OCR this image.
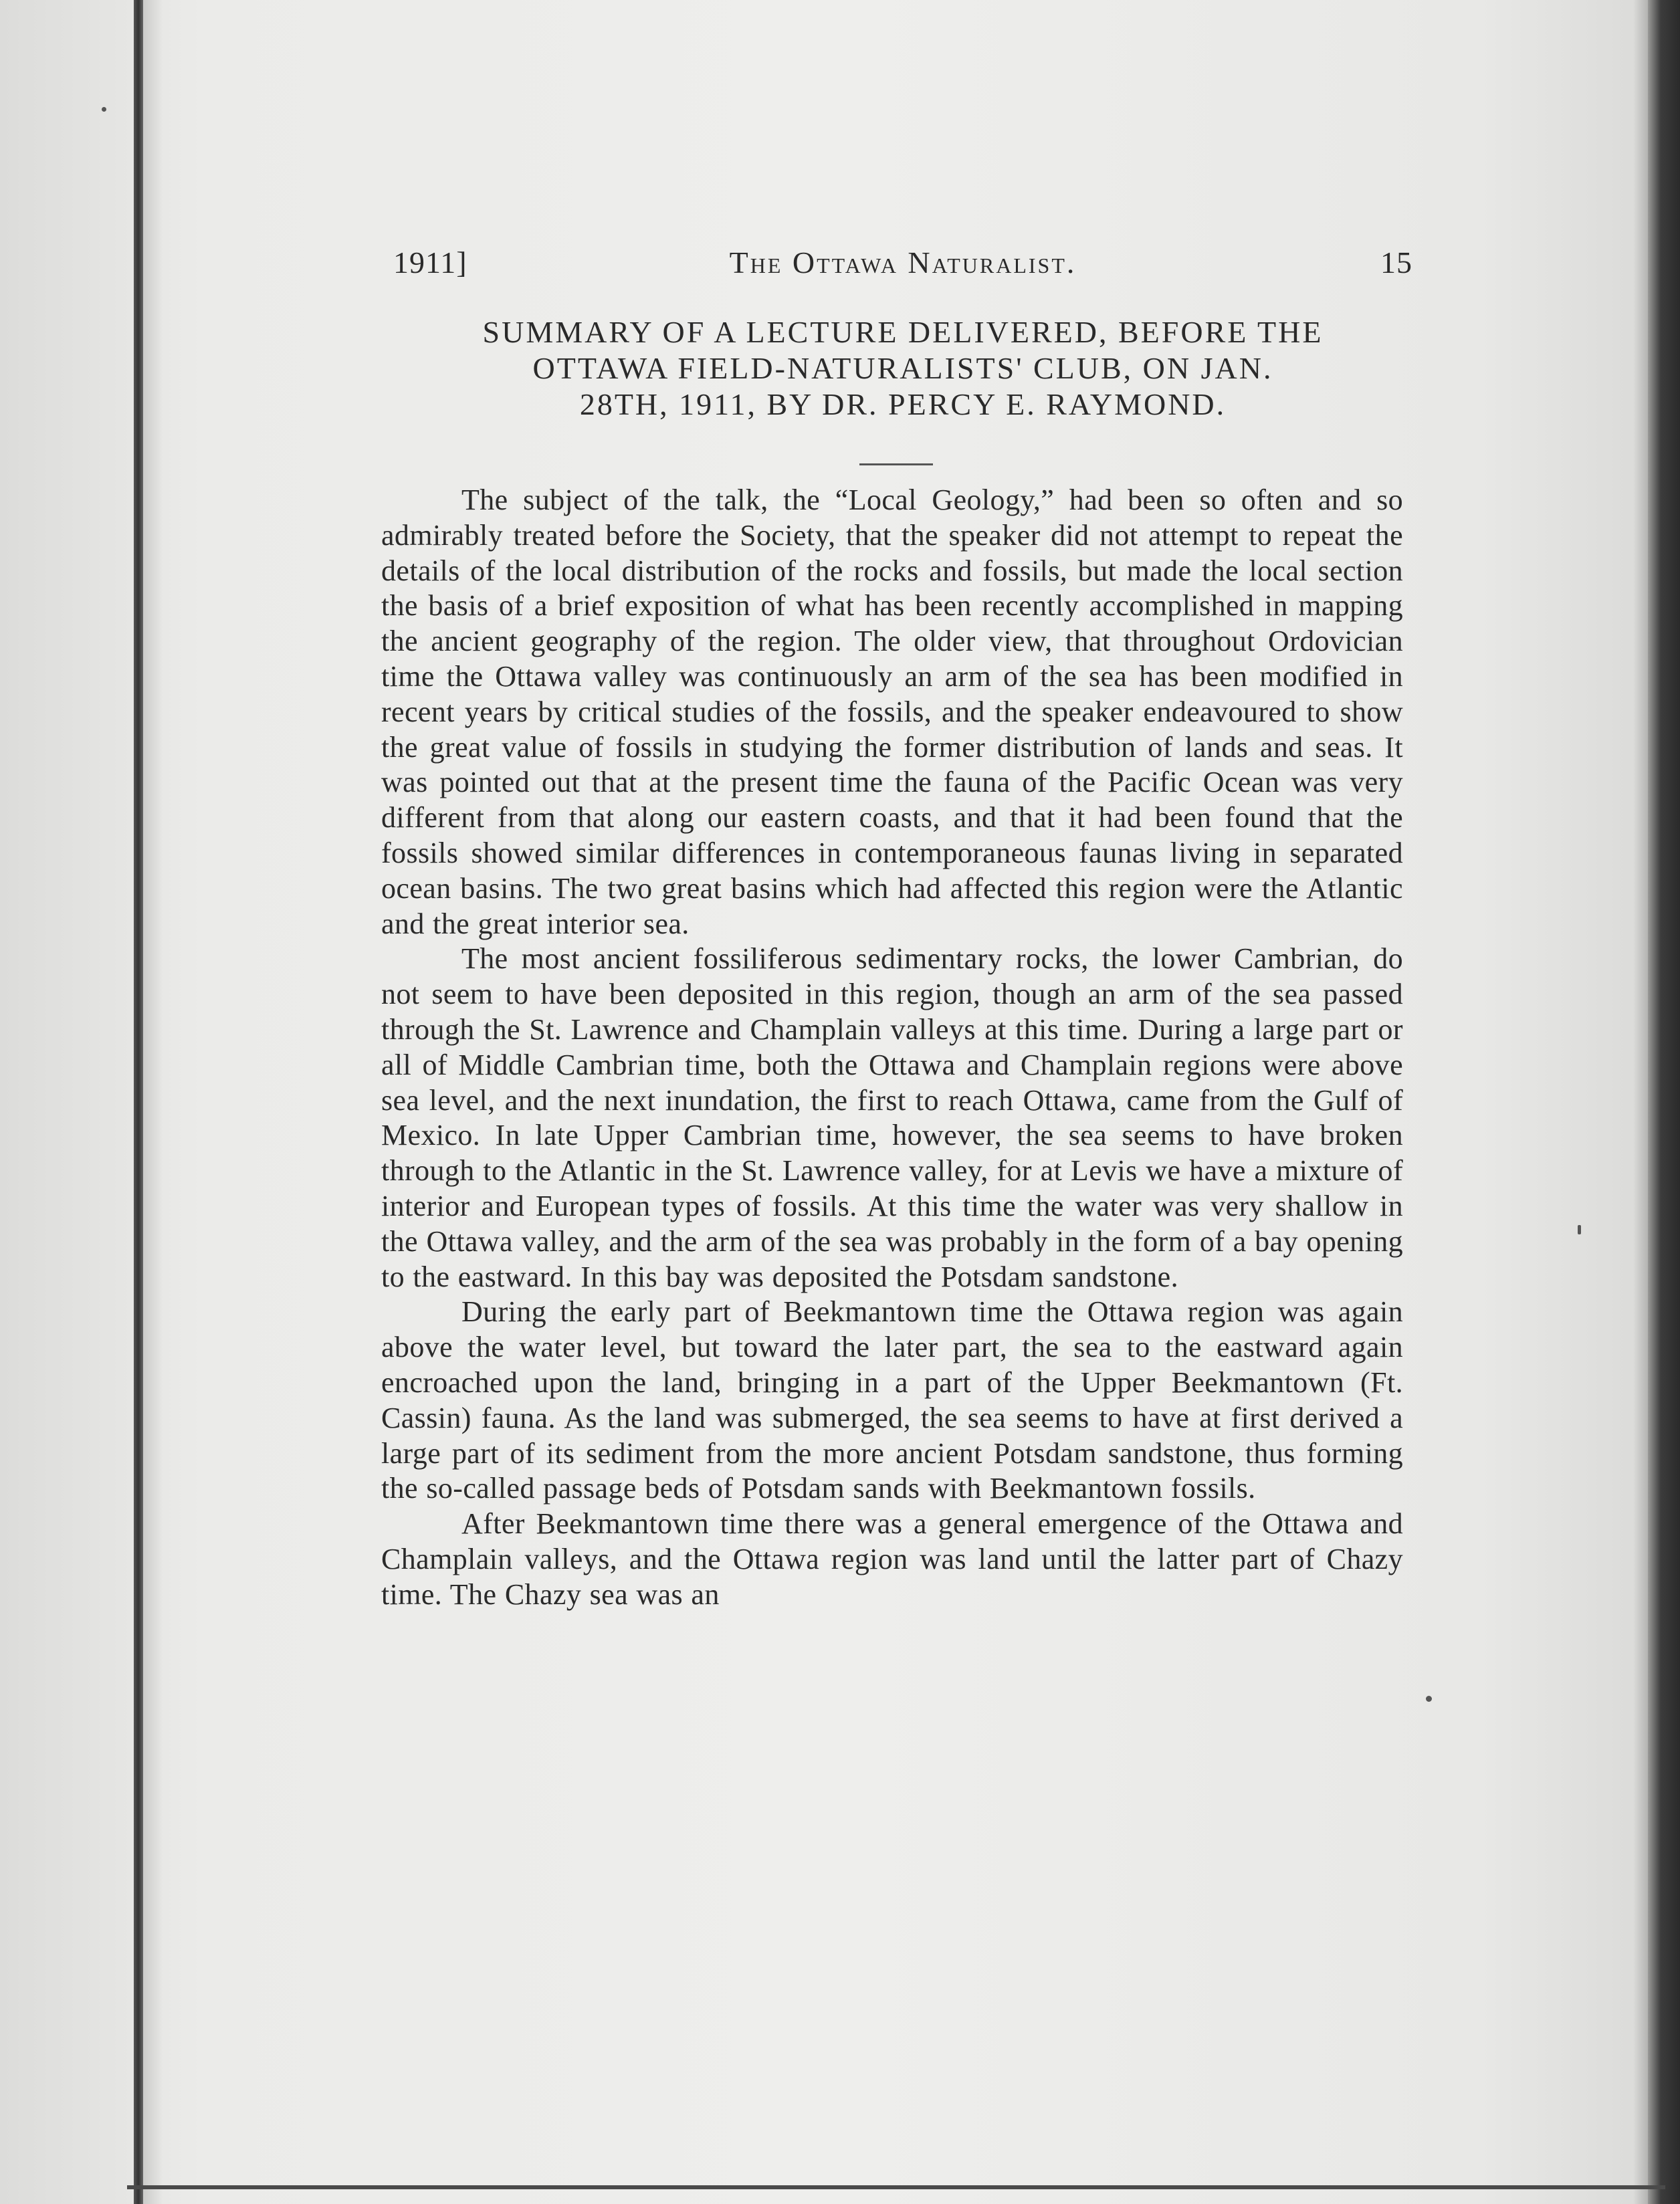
1911]	The Ottawa Naturalist.	15
SUMMARY OF A LECTURE DELIVERED, BEFORE THE
OTTAWA FIELD-NATURALISTS' CLUB, ON JAN.
28TH, 1911, BY DR. PERCY E. RAYMOND.

The subject of the talk, the “Local Geology,” had been so often and so admirably treated before the Society, that the speaker did not attempt to repeat the details of the local distribution of the rocks and fossils, but made the local section the basis of a brief exposition of what has been recently accomplished in mapping the ancient geography of the region. The older view, that throughout Ordovician time the Ottawa valley was continuously an arm of the sea has been modified in recent years by critical studies of the fossils, and the speaker endeavoured to show the great value of fossils in studying the former distribution of lands and seas. It was pointed out that at the present time the fauna of the Pacific Ocean was very different from that along our eastern coasts, and that it had been found that the fossils showed similar differences in contemporaneous faunas living in separated ocean basins. The two great basins which had affected this region were the Atlantic and the great interior sea.

The most ancient fossiliferous sedimentary rocks, the lower Cambrian, do not seem to have been deposited in this region, though an arm of the sea passed through the St. Lawrence and Champlain valleys at this time. During a large part or all of Middle Cambrian time, both the Ottawa and Champlain regions were above sea level, and the next inundation, the first to reach Ottawa, came from the Gulf of Mexico. In late Upper Cambrian time, however, the sea seems to have broken through to the Atlantic in the St. Lawrence valley, for at Levis we have a mixture of interior and European types of fossils. At this time the water was very shallow in the Ottawa valley, and the arm of the sea was probably in the form of a bay opening to the eastward. In this bay was deposited the Potsdam sandstone.

During the early part of Beekmantown time the Ottawa region was again above the water level, but toward the later part, the sea to the eastward again encroached upon the land, bringing in a part of the Upper Beekmantown (Ft. Cassin) fauna. As the land was submerged, the sea seems to have at first derived a large part of its sediment from the more ancient Potsdam sandstone, thus forming the so-called passage beds of Potsdam sands with Beekmantown fossils.

After Beekmantown time there was a general emergence of the Ottawa and Champlain valleys, and the Ottawa region was land until the latter part of Chazy time. The Chazy sea was an
